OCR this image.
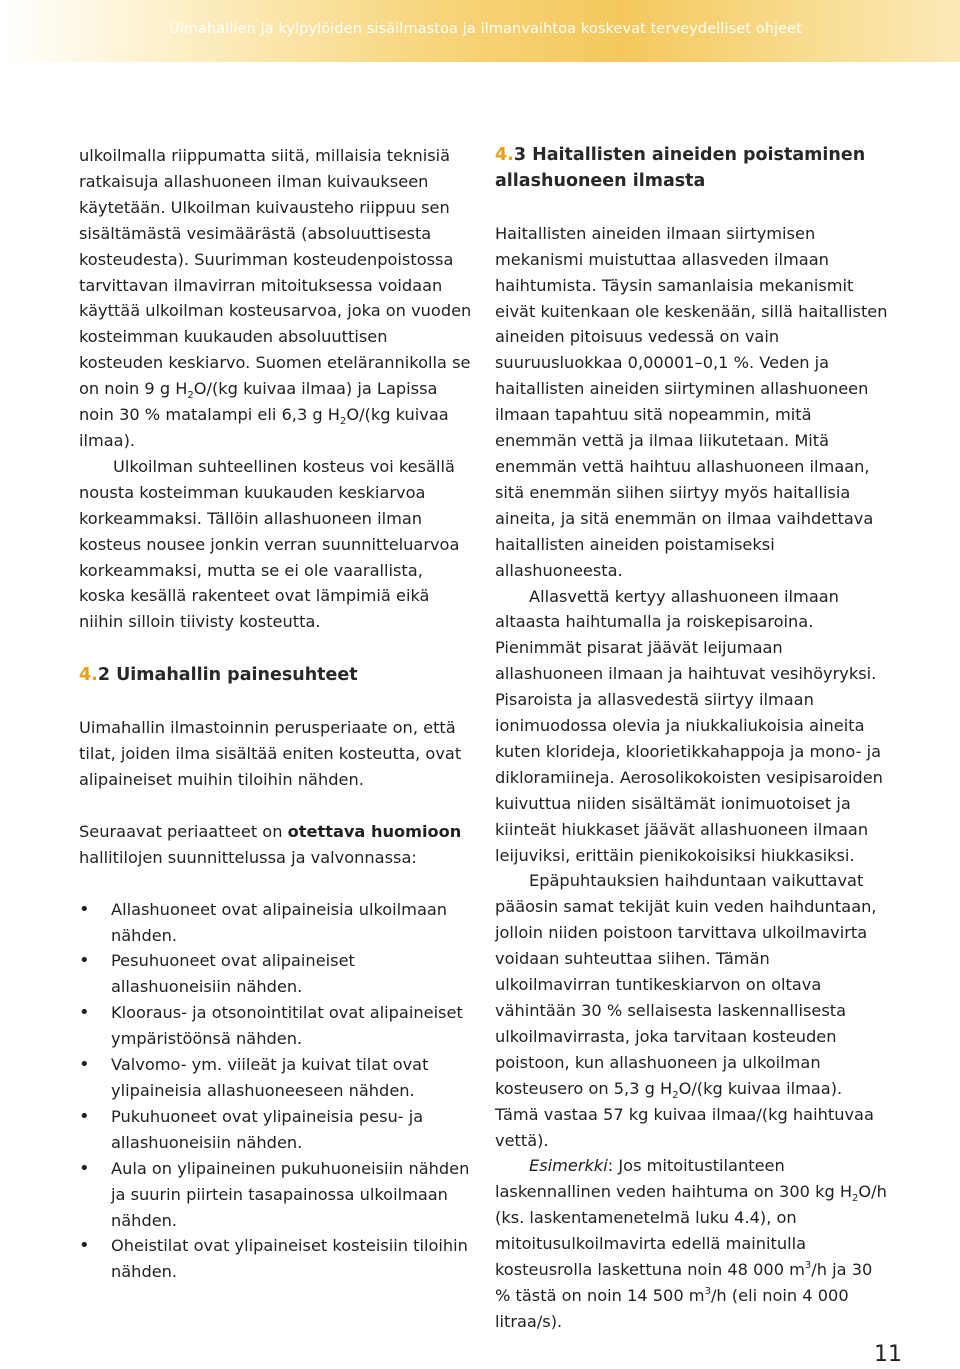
Uimahallien ja kylpylöiden sisäilmastoa ja ilmanvaihtoa koskevat terveydelliset ohjeet

ulkoilmalla riippumatta siitä, millaisia teknisiä ratkaisuja allashuoneen ilman kuivaukseen käytetään. Ulkoilman kuivausteho riippuu sen sisältämästä vesimäärästä (absoluuttisesta kosteudesta). Suurimman kosteudenpoistossa tarvittavan ilmavirran mitoituksessa voidaan käyttää ulkoilman kosteusarvoa, joka on vuoden kosteimman kuukauden absoluuttisen kosteuden keskiarvo. Suomen etelärannikolla se on noin 9 g $H_2O/(kg$ kuivaa ilmaa) ja Lapissa noin 30 % matalampi eli 6,3 g $H_2O/(kg$ kuivaa ilmaa).

Ulkoilman suhteellinen kosteus voi kesällä nousta kosteimman kuukauden keskiarvoa korkeammaksi. Tällöin allashuoneen ilman kosteus nousee jonkin verran suunnitteluarvoa korkeammaksi, mutta se ei ole vaarallista, koska kesällä rakenteet ovat lämpimiä eikä niihin silloin tiivisty kosteutta.

4.2 Uimahallin painesuhteet

Uimahallin ilmastoinnin perusperiaate on, että tilat, joiden ilma sisältää eniten kosteutta, ovat alipaineiset muihin tiloihin nähden.

Seuraavat periaatteet on otettava huomioon hallitilojen suunnittelussa ja valvonnassa:

• Allashuoneet ovat alipaineisia ulkoilmaan nähden.
• Pesuhuoneet ovat alipaineiset allashuoneisiin nähden.
• Klooraus- ja otsonointitilat ovat alipaineiset ympäristöönsä nähden.
• Valvomo- ym. viileät ja kuivat tilat ovat ylipaineisia allashuoneeseen nähden.
• Pukuhuoneet ovat ylipaineisia pesu- ja allashuoneisiin nähden.
• Aula on ylipaineinen pukuhuoneisiin nähden ja suurin piirtein tasapainossa ulkoilmaan nähden.
• Oheistilat ovat ylipaineiset kosteisiin tiloihin nähden.
4.3 Haitallisten aineiden poistaminen allashuoneen ilmasta

Haitallisten aineiden ilmaan siirtymisen mekanismi muistuttaa allasveden ilmaan haihtumista. Täysin samanlaisia mekanismit eivät kuitenkaan ole keskenään, sillä haitallisten aineiden pitoisuus vedessä on vain suuruusluokkaa 0,00001–0,1 %. Veden ja haitallisten aineiden siirtyminen allashuoneen ilmaan tapahtuu sitä nopeammin, mitä enemmän vettä ja ilmaa liikutetaan. Mitä enemmän vettä haihtuu allashuoneen ilmaan, sitä enemmän siihen siirtyy myös haitallisia aineita, ja sitä enemmän on ilmaa vaihdettava haitallisten aineiden poistamiseksi allashuoneesta.

Allasvettä kertyy allashuoneen ilmaan altaasta haihtumalla ja roiskepisaroina. Pienimmät pisarat jäävät leijumaan allashuoneen ilmaan ja haihtuvat vesihöyryksi. Pisaroista ja allasvedestä siirtyy ilmaan ionimuodossa olevia ja niukkaliukoisia aineita kuten klorideja, kloorietikkahappoja ja mono- ja dikloramiineja. Aerosolikokoisten vesipisaroiden kuivuttua niiden sisältämät ionimuotoiset ja kiinteät hiukkaset jäävät allashuoneen ilmaan leijuviksi, erittäin pienikokoisiksi hiukkasiksi.

Epäpuhtauksien haihduntaan vaikuttavat pääosin samat tekijät kuin veden haihduntaan, jolloin niiden poistoon tarvittava ulkoilmavirta voidaan suhteuttaa siihen. Tämän ulkoilmavirran tuntikeskiarvon on oltava vähintään 30 % sellaisesta laskennallisesta ulkoilmavirrasta, joka tarvitaan kosteuden poistoon, kun allashuoneen ja ulkoilman kosteusero on 5,3 g $H_2O/(kg$ kuivaa ilmaa). Tämä vastaa 57 kg kuivaa ilmaa/(kg haihtuvaa vettä).

Esimerkki: Jos mitoitustilanteen laskennallinen veden haihtuma on 300 kg $H_2O/h$ (ks. laskentamenetelmä luku 4.4), on mitoitusulkoilmavirta edellä mainitulla kosteusrolla laskettuna noin 48 000 $m^3/h$ ja 30 % tästä on noin 14 500 $m^3/h$ (eli noin 4 000 litraa/s).

11
